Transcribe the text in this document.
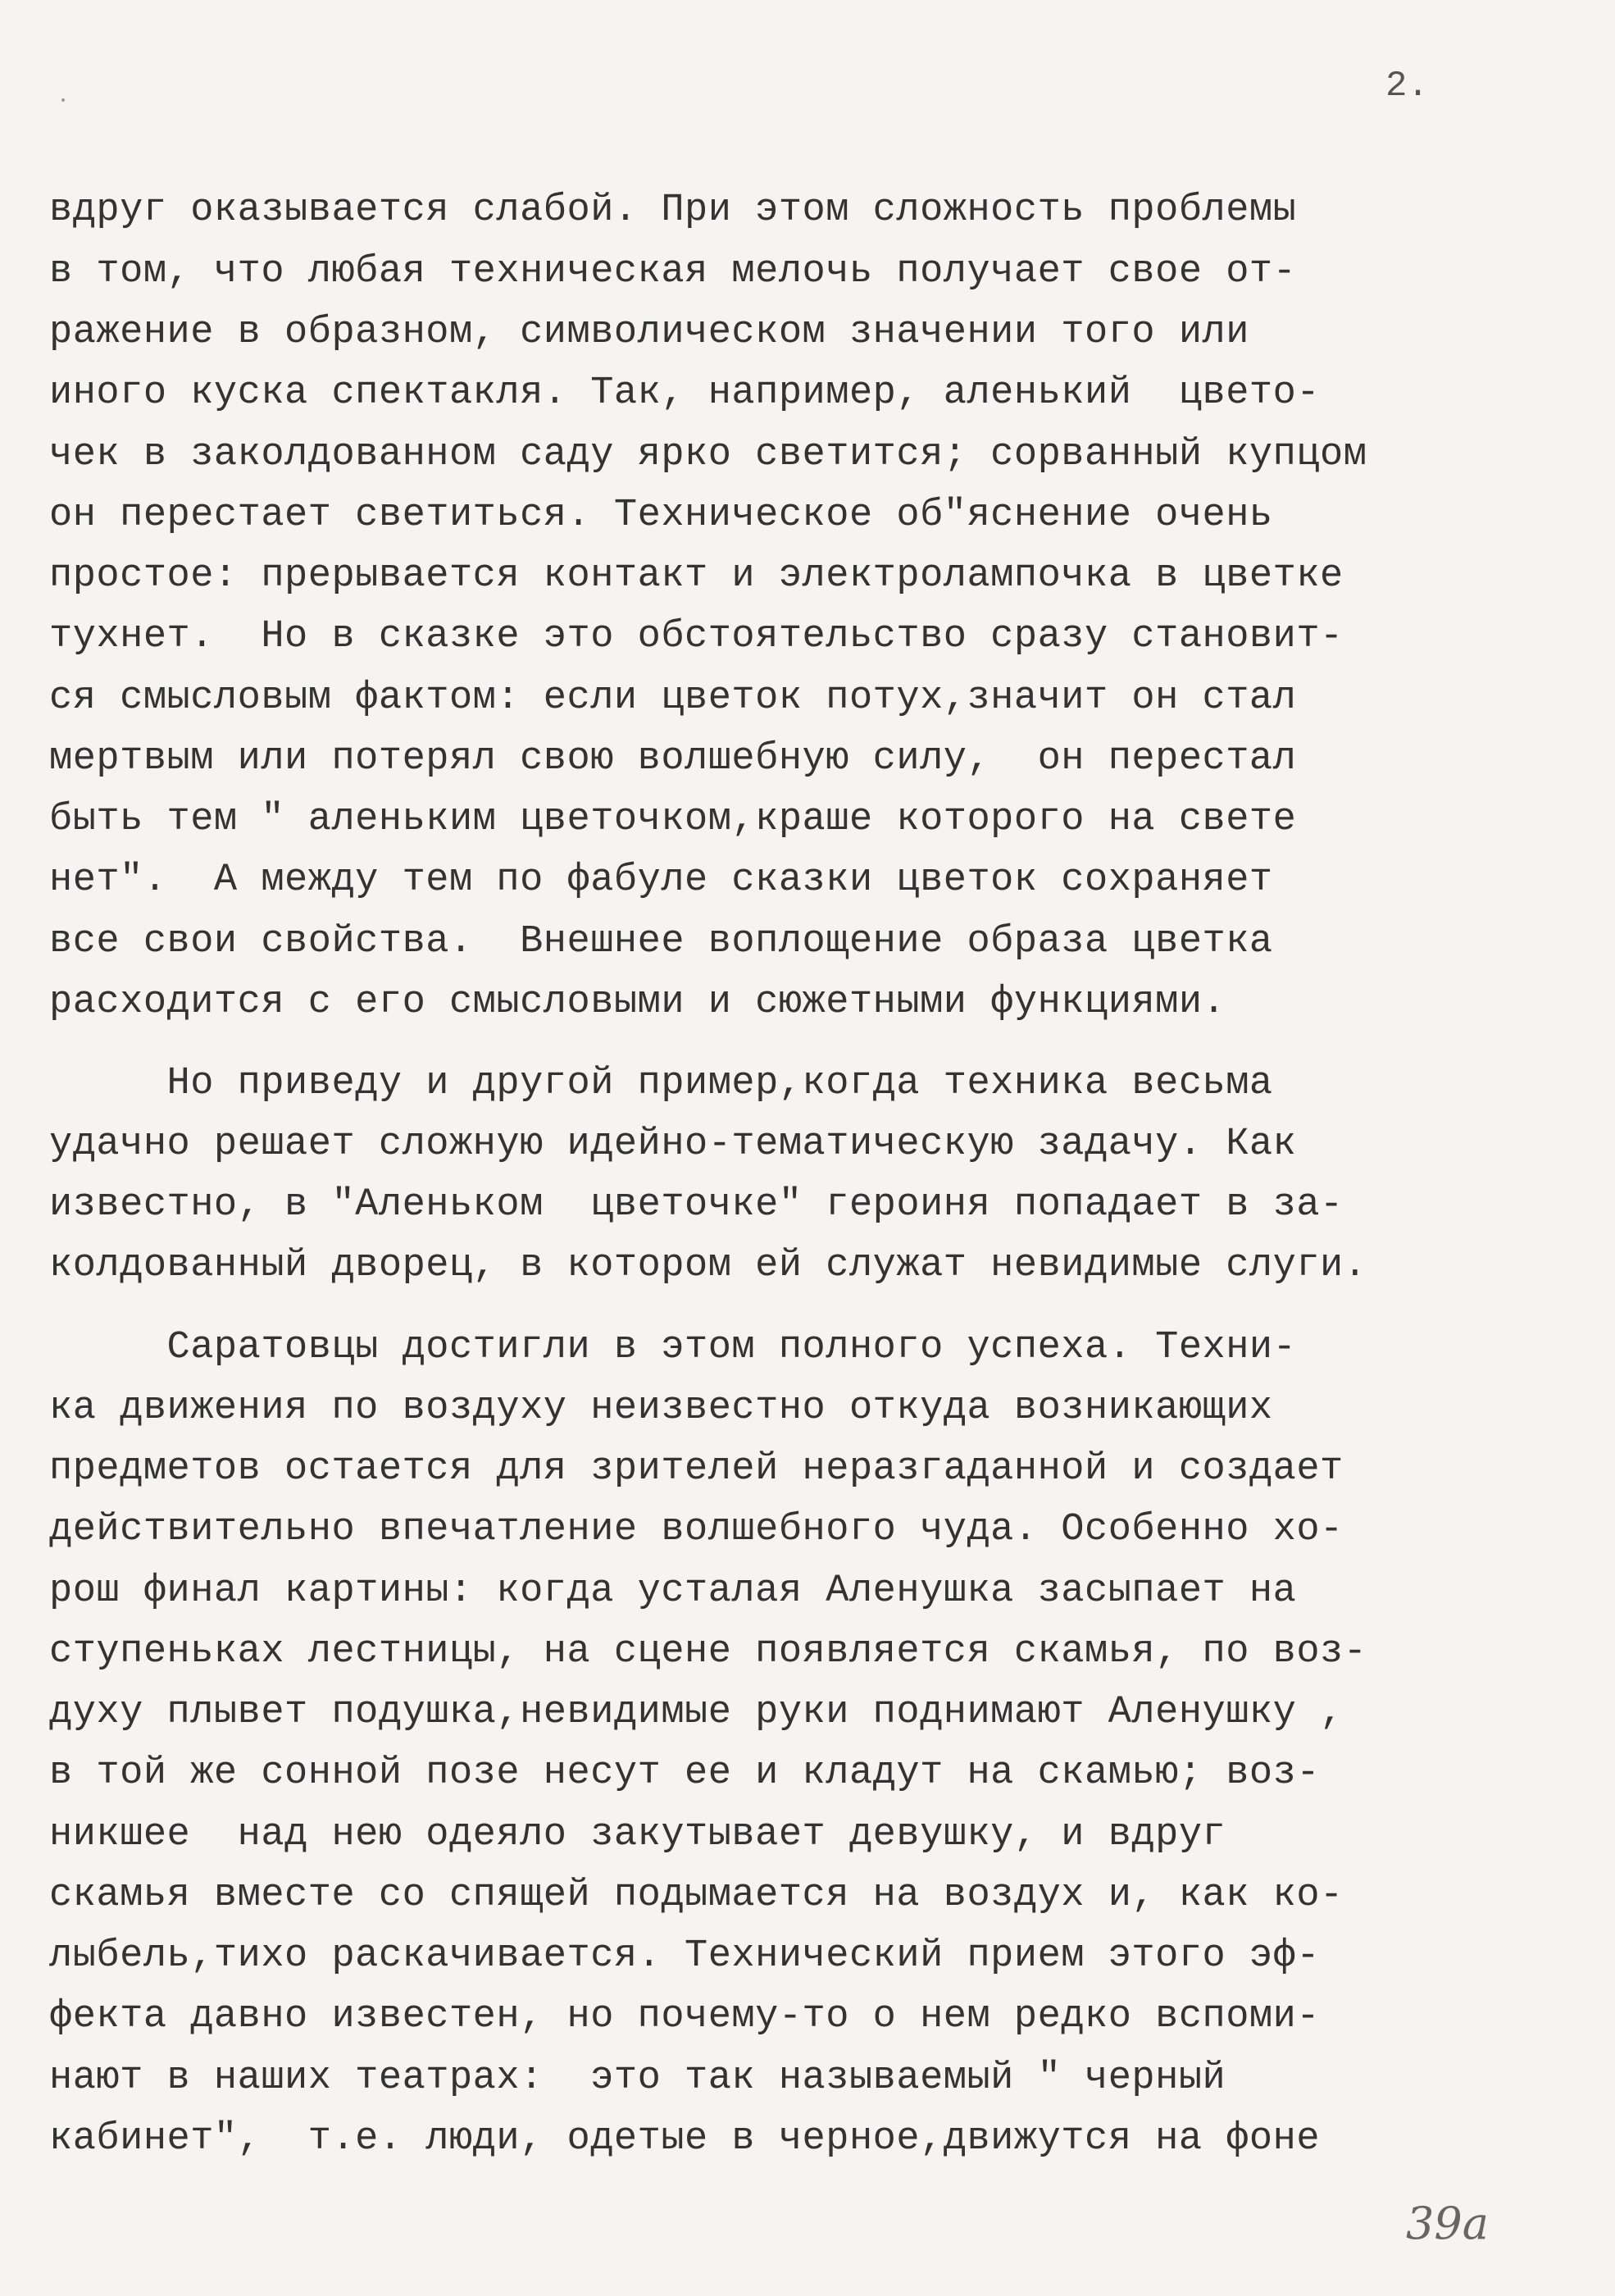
2.
вдруг оказывается слабой. При этом сложность проблемы
в том, что любая техническая мелочь получает свое от-
ражение в образном, символическом значении того или
иного куска спектакля. Так, например, аленький  цвето-
чек в заколдованном саду ярко светится; сорванный купцом
он перестает светиться. Техническое об"яснение очень
простое: прерывается контакт и электролампочка в цветке
тухнет.  Но в сказке это обстоятельство сразу становит-
ся смысловым фактом: если цветок потух,значит он стал
мертвым или потерял свою волшебную силу,  он перестал
быть тем " аленьким цветочком,краше которого на свете
нет".  А между тем по фабуле сказки цветок сохраняет
все свои свойства.  Внешнее воплощение образа цветка
расходится с его смысловыми и сюжетными функциями.
Но приведу и другой пример,когда техника весьма
удачно решает сложную идейно-тематическую задачу. Как
известно, в "Аленьком  цветочке" героиня попадает в за-
колдованный дворец, в котором ей служат невидимые слуги.
Саратовцы достигли в этом полного успеха. Техни-
ка движения по воздуху неизвестно откуда возникающих
предметов остается для зрителей неразгаданной и создает
действительно впечатление волшебного чуда. Особенно хо-
рош финал картины: когда усталая Аленушка засыпает на
ступеньках лестницы, на сцене появляется скамья, по воз-
духу плывет подушка,невидимые руки поднимают Аленушку ,
в той же сонной позе несут ее и кладут на скамью; воз-
никшее  над нею одеяло закутывает девушку, и вдруг
скамья вместе со спящей подымается на воздух и, как ко-
лыбель,тихо раскачивается. Технический прием этого эф-
фекта давно известен, но почему-то о нем редко вспоми-
нают в наших театрах:  это так называемый " черный
кабинет",  т.е. люди, одетые в черное,движутся на фоне
39а
